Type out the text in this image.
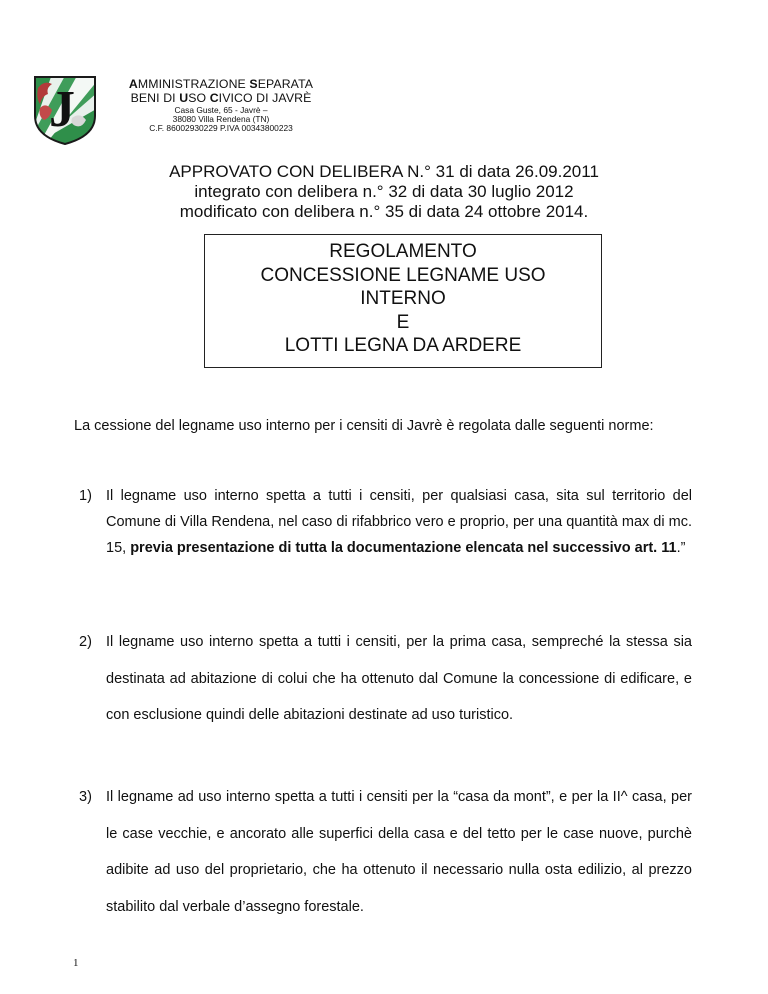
J	AMMINISTRAZIONE SEPARATA
BENI DI USO CIVICO DI JAVRÈ
Casa Guste, 65 - Javrè –
38080 Villa Rendena (TN)
C.F. 86002930229 P.IVA 00343800223
APPROVATO CON DELIBERA N.° 31 di data 26.09.2011
integrato con delibera n.° 32 di data 30 luglio 2012
modificato con delibera n.° 35 di data 24 ottobre 2014.
REGOLAMENTO
CONCESSIONE LEGNAME USO
INTERNO
E
LOTTI LEGNA DA ARDERE
La cessione del legname uso interno per i censiti di Javrè è regolata dalle seguenti norme:
1) Il legname uso interno spetta a tutti i censiti, per qualsiasi casa, sita sul territorio del Comune di Villa Rendena, nel caso di rifabbrico vero e proprio, per una quantità max di mc. 15, previa presentazione di tutta la documentazione elencata nel successivo art. 11.”
2) Il legname uso interno spetta a tutti i censiti, per la prima casa, sempreché la stessa sia destinata ad abitazione di colui che ha ottenuto dal Comune la concessione di edificare, e con esclusione quindi delle abitazioni destinate ad uso turistico.
3) Il legname ad uso interno spetta a tutti i censiti per la “casa da mont”, e per la II^ casa, per le case vecchie, e ancorato alle superfici della casa e del tetto per le case nuove, purchè adibite ad uso del proprietario, che ha ottenuto il necessario nulla osta edilizio, al prezzo stabilito dal verbale d’assegno forestale.
1
